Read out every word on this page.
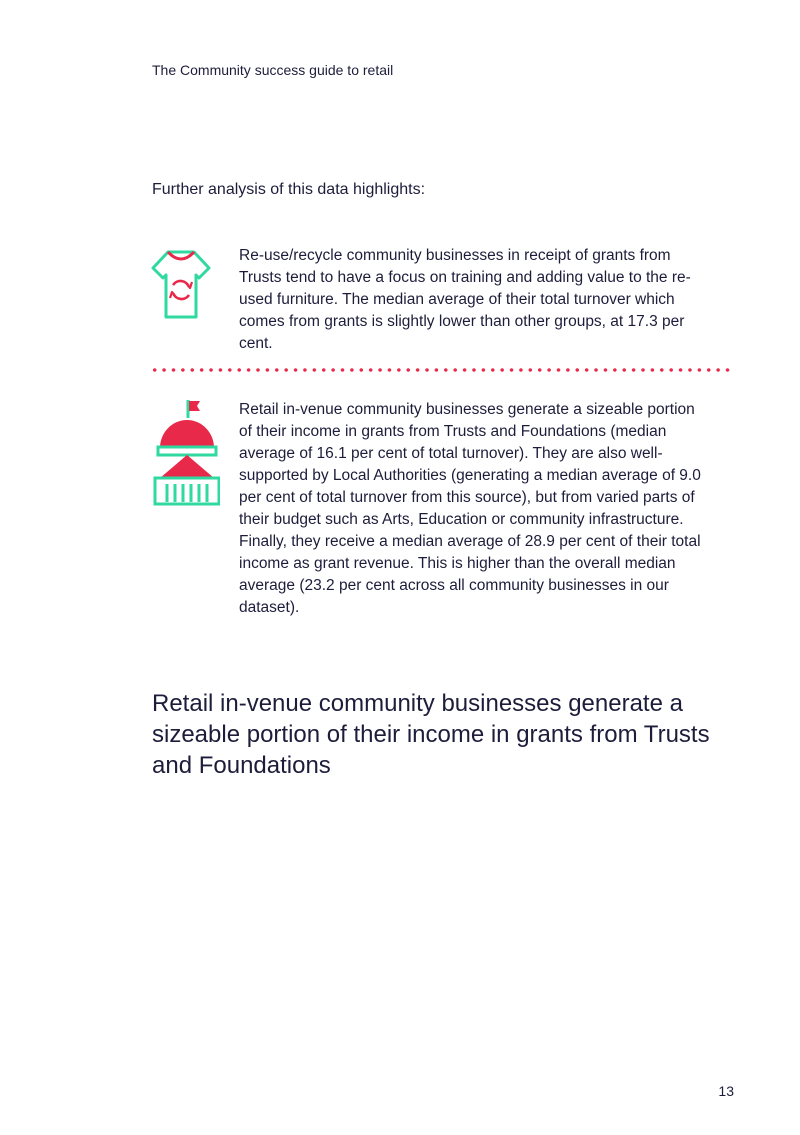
The Community success guide to retail
Further analysis of this data highlights:
Re-use/recycle community businesses in receipt of grants from Trusts tend to have a focus on training and adding value to the re-used furniture. The median average of their total turnover which comes from grants is slightly lower than other groups, at 17.3 per cent.
Retail in-venue community businesses generate a sizeable portion of their income in grants from Trusts and Foundations (median average of 16.1 per cent of total turnover). They are also well-supported by Local Authorities (generating a median average of 9.0 per cent of total turnover from this source), but from varied parts of their budget such as Arts, Education or community infrastructure. Finally, they receive a median average of 28.9 per cent of their total income as grant revenue. This is higher than the overall median average (23.2 per cent across all community businesses in our dataset).
Retail in-venue community businesses generate a sizeable portion of their income in grants from Trusts and Foundations
13
